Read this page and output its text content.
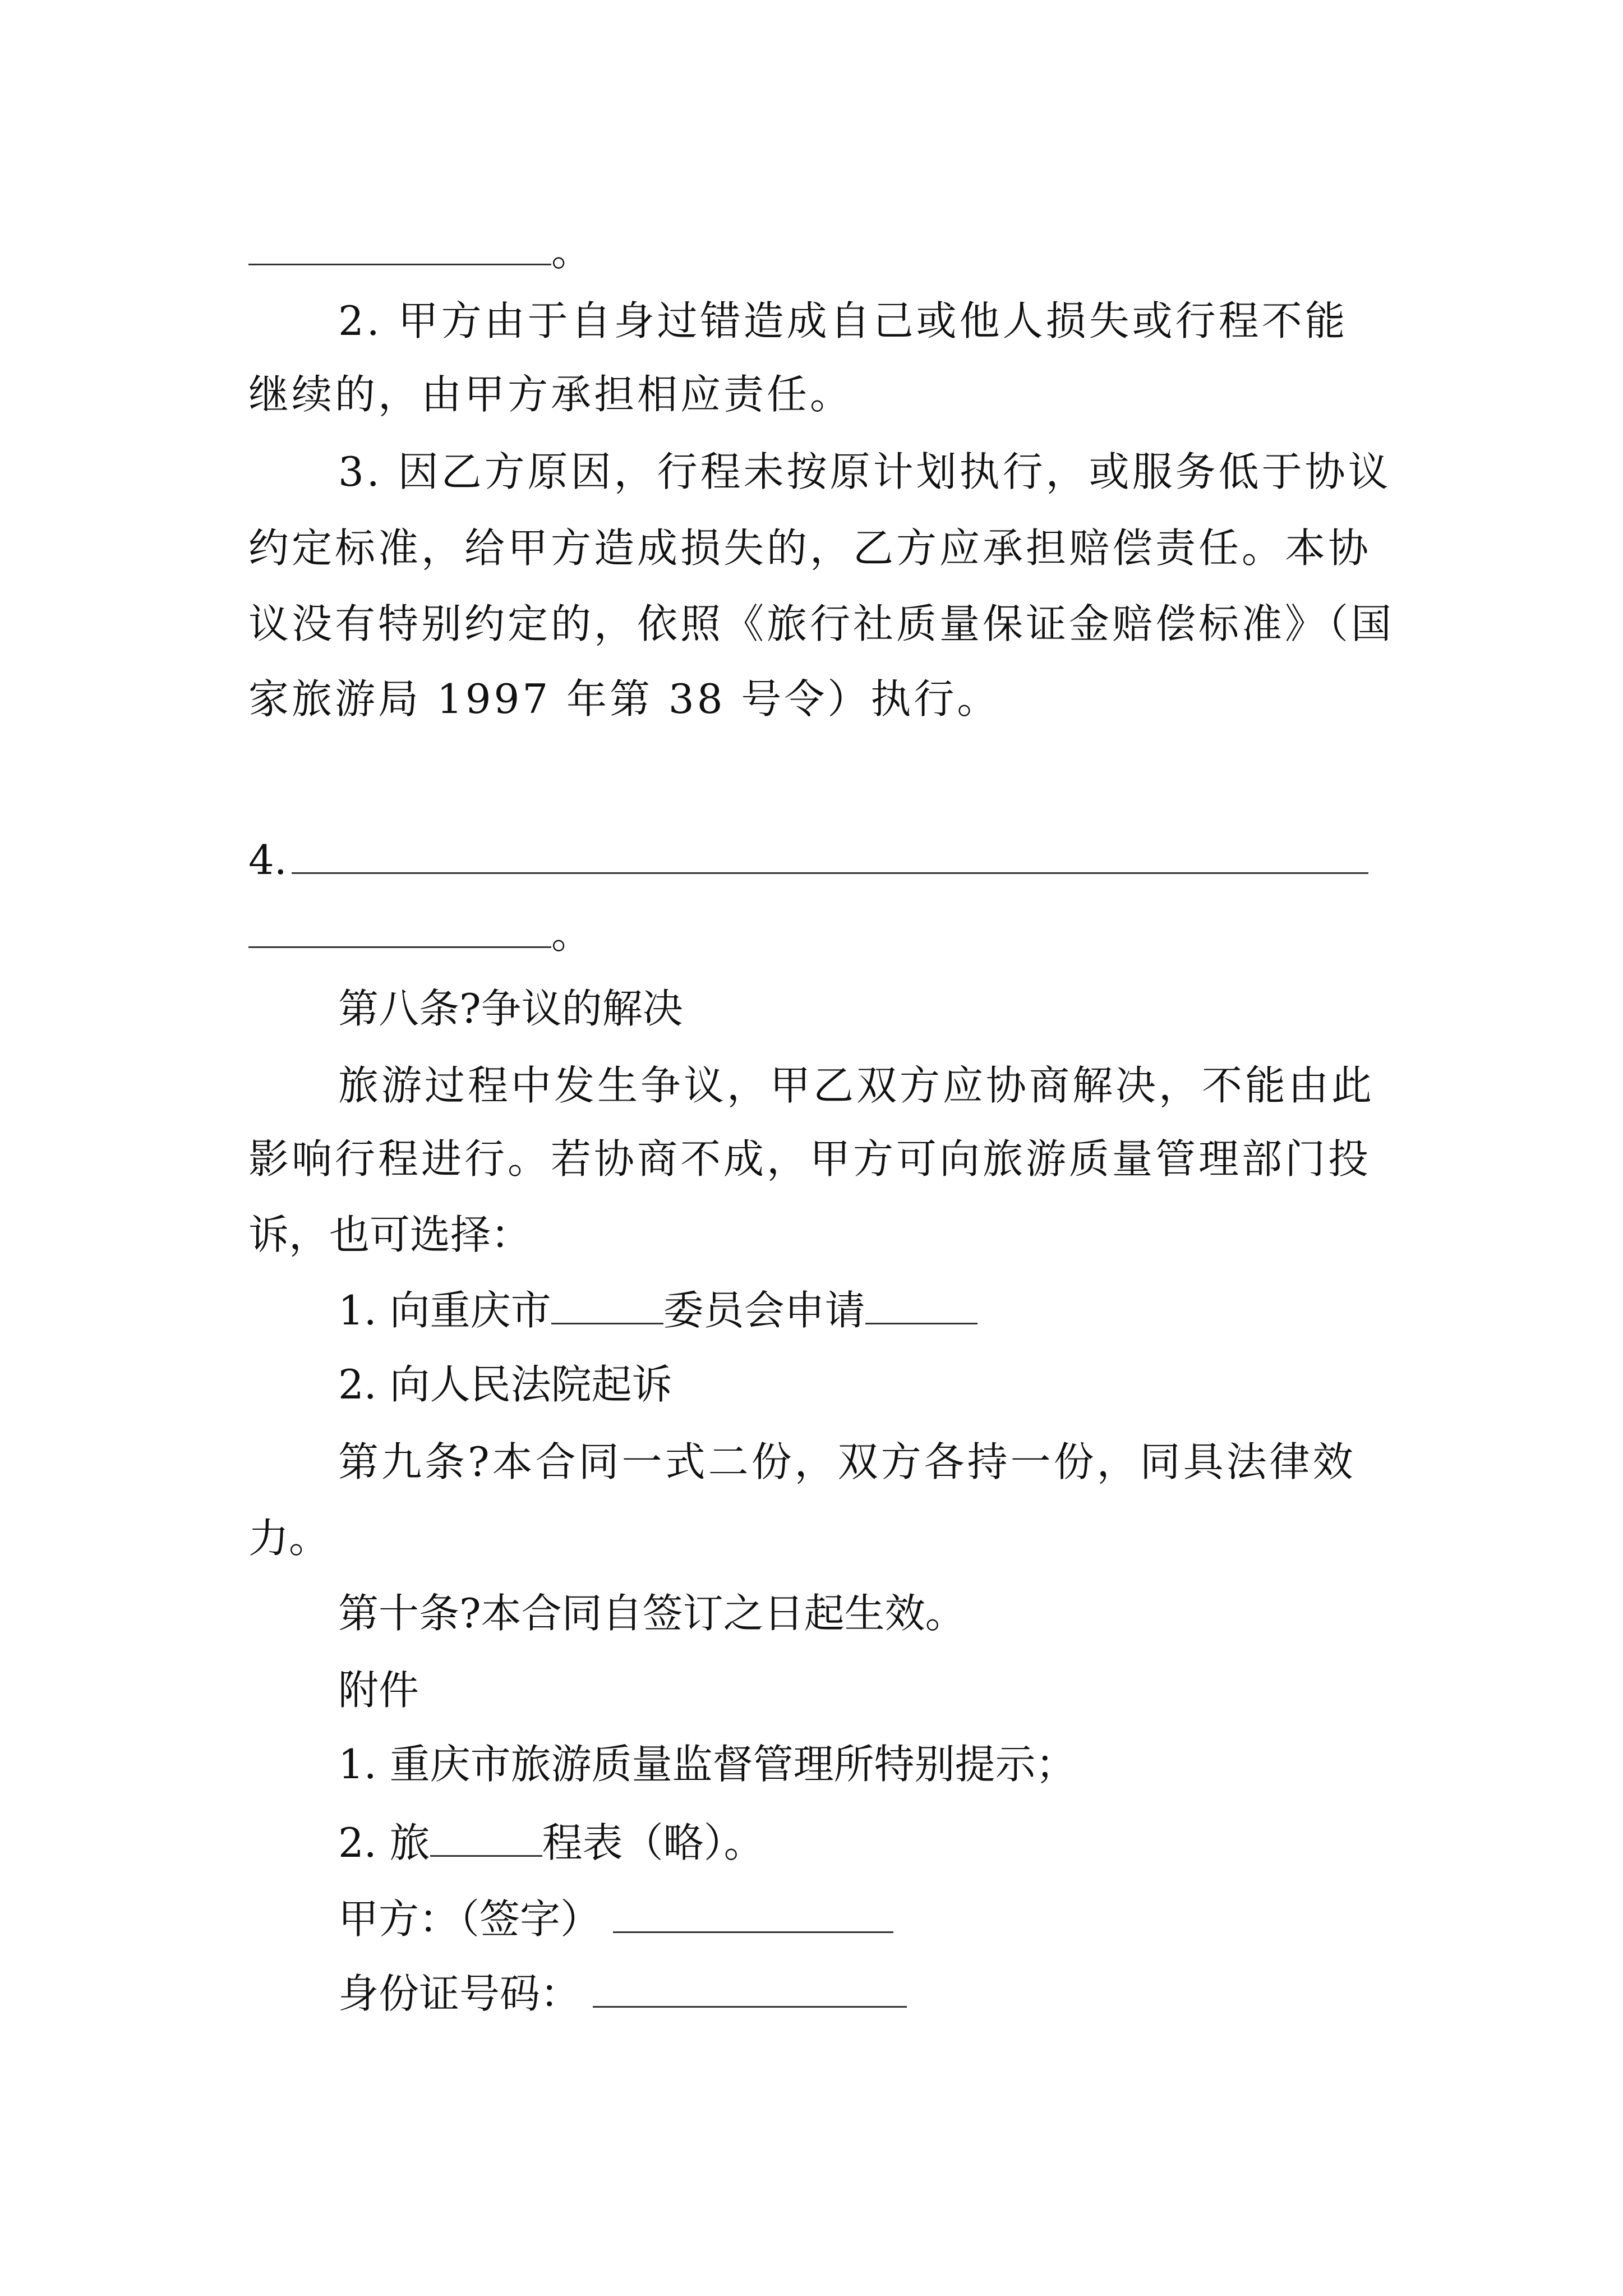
。

2. 甲方由于自身过错造成自己或他人损失或行程不能

继续的，由甲方承担相应责任。

3. 因乙方原因，行程未按原计划执行，或服务低于协议

约定标准，给甲方造成损失的，乙方应承担赔偿责任。本协

议没有特别约定的，依照《旅行社质量保证金赔偿标准》（国

家旅游局 1997 年第 38 号令）执行。

4.

。

第八条?争议的解决

旅游过程中发生争议，甲乙双方应协商解决，不能由此

影响行程进行。若协商不成，甲方可向旅游质量管理部门投

诉，也可选择：

1. 向重庆市	委员会申请

2. 向人民法院起诉

第九条?本合同一式二份，双方各持一份，同具法律效

力。

第十条?本合同自签订之日起生效。

附件

1. 重庆市旅游质量监督管理所特别提示；

2. 旅	程表（略）。

甲方：（签字）

身份证号码：
